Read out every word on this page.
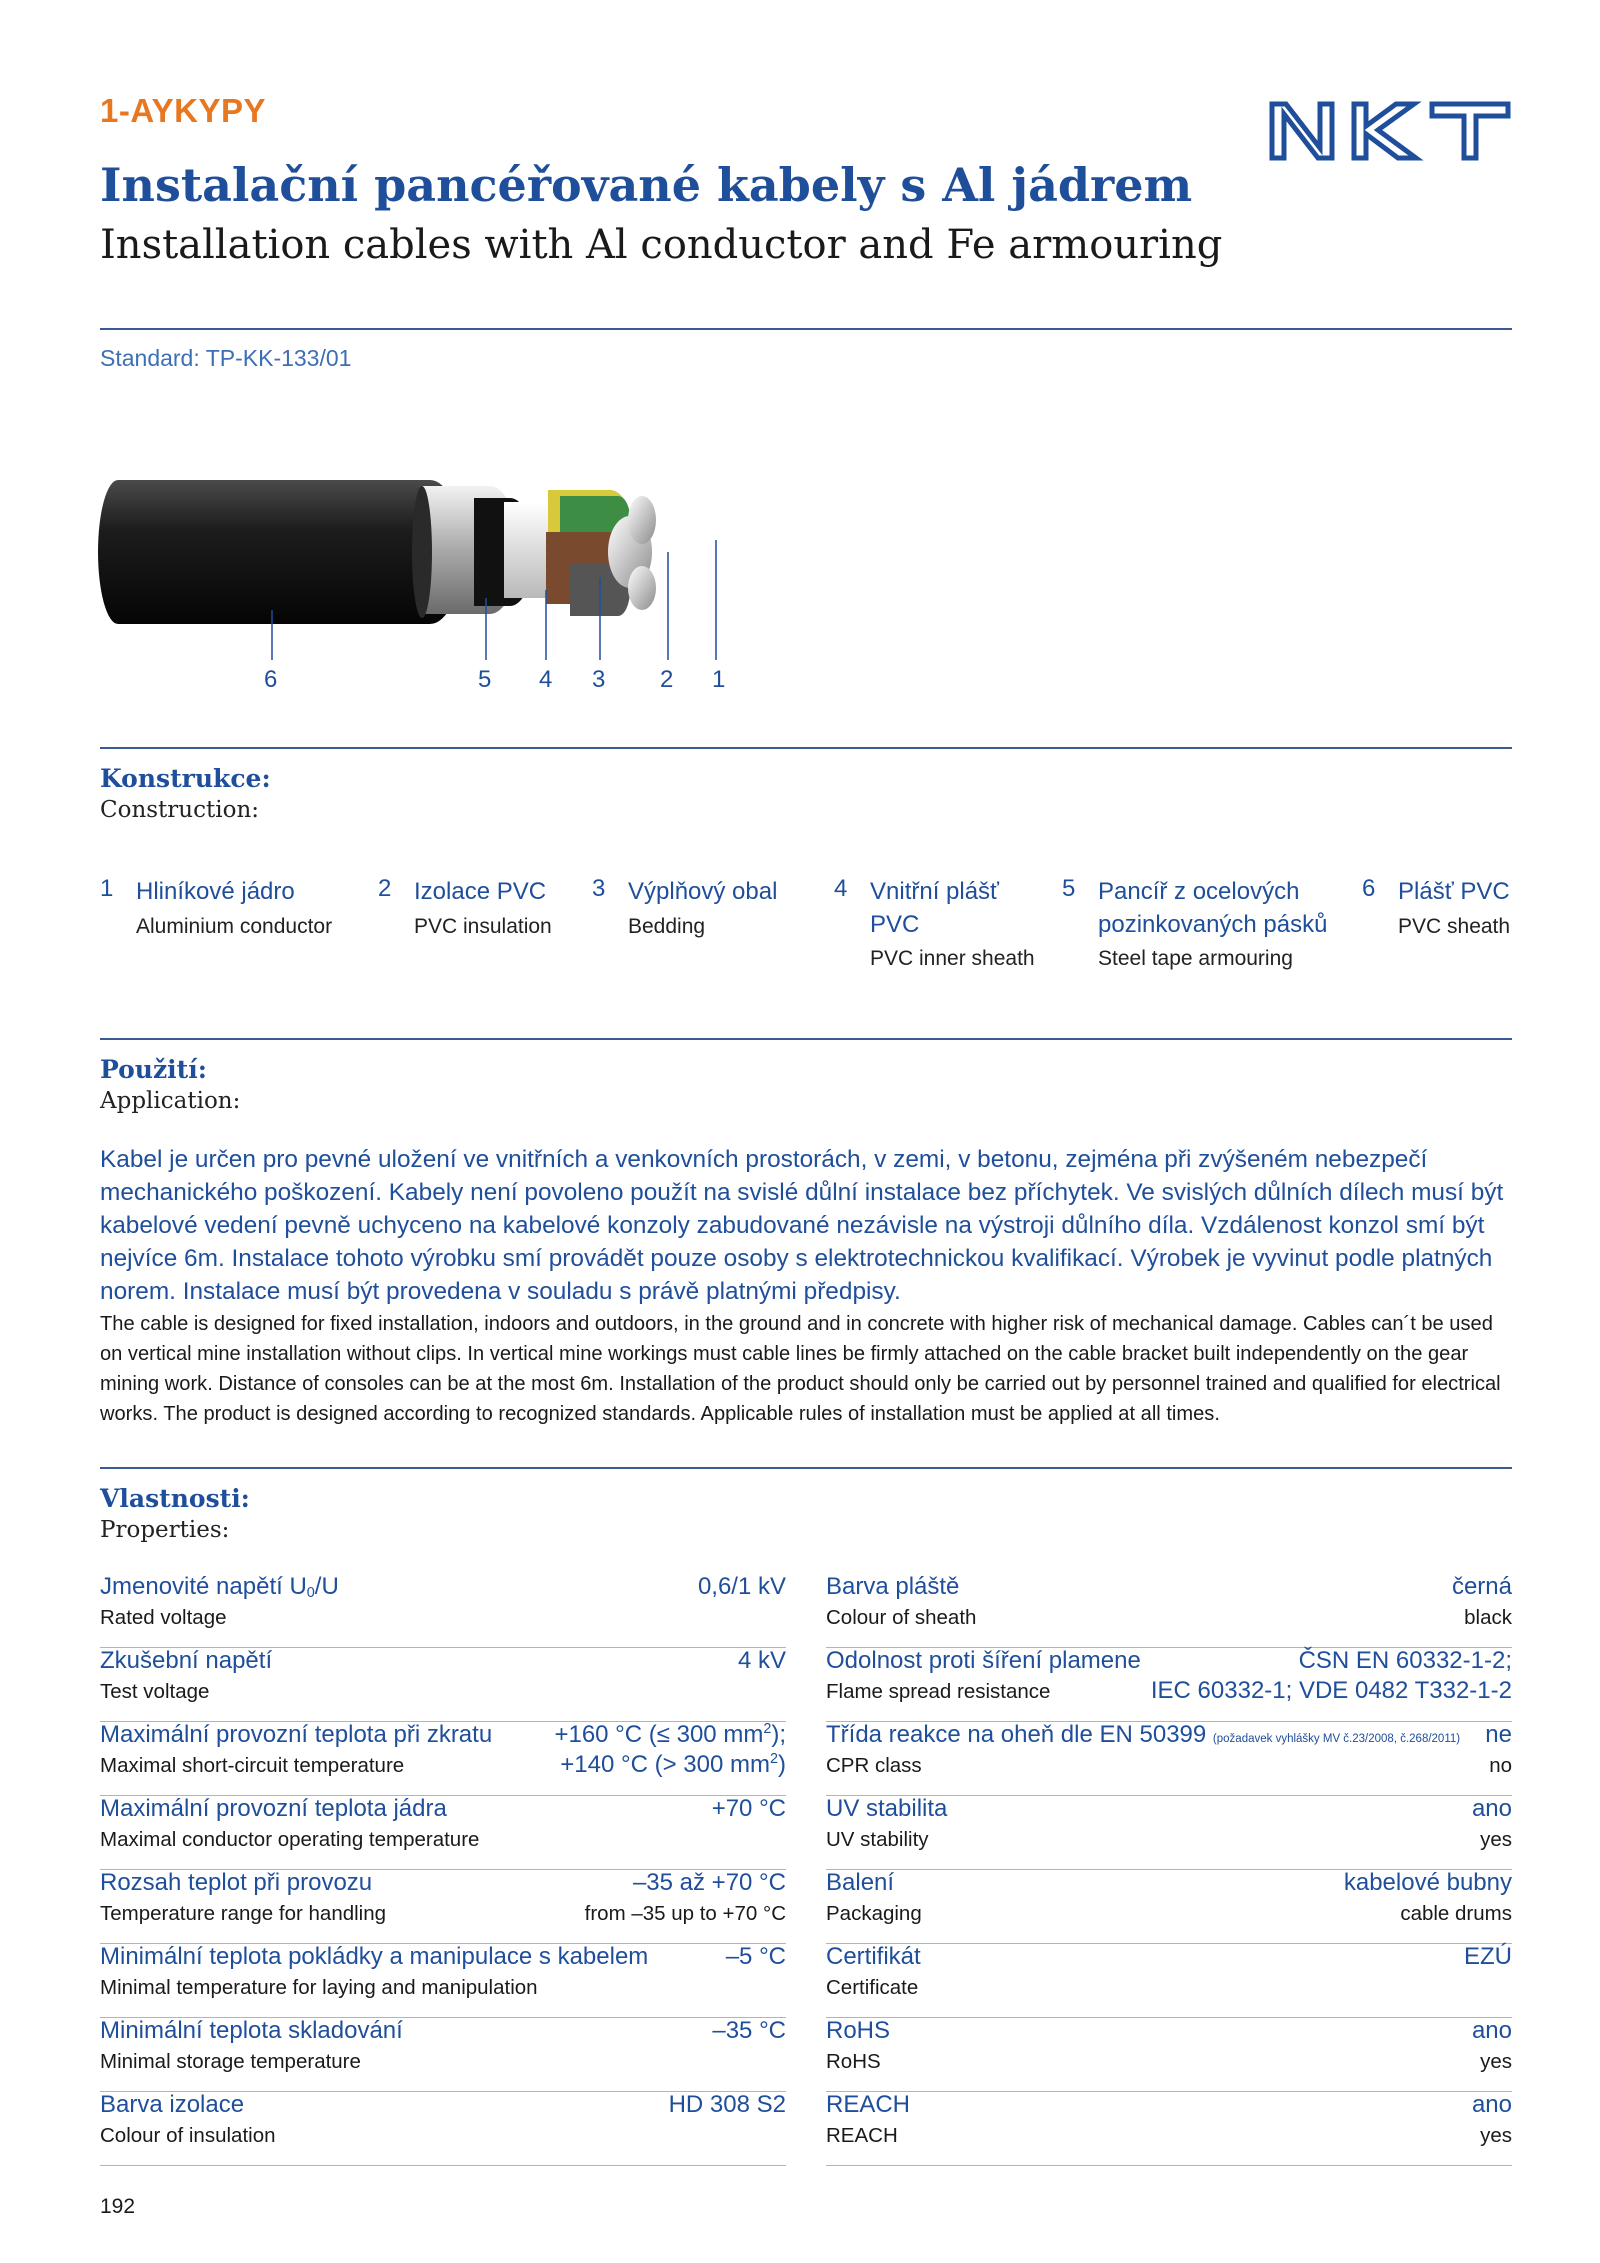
1-AYKYPY
Instalační pancéřované kabely s Al jádrem
Installation cables with Al conductor and Fe armouring
Standard: TP-KK-133/01
6	5 4 3 2 1
Konstrukce:
Construction:
1 Hliníkové jádro
Aluminium conductor
2 Izolace PVC
PVC insulation
3 Výplňový obal
Bedding
4 Vnitřní plášť PVC
PVC inner sheath
5 Pancíř z ocelových pozinkovaných pásků
Steel tape armouring
6 Plášť PVC
PVC sheath
Použití:
Application:
Kabel je určen pro pevné uložení ve vnitřních a venkovních prostorách, v zemi, v betonu, zejména při zvýšeném nebezpečí mechanického poškození. Kabely není povoleno použít na svislé důlní instalace bez příchytek. Ve svislých důlních dílech musí být kabelové vedení pevně uchyceno na kabelové konzoly zabudované nezávisle na výstroji důlního díla. Vzdálenost konzol smí být nejvíce 6m. Instalace tohoto výrobku smí provádět pouze osoby s elektrotechnickou kvalifikací. Výrobek je vyvinut podle platných norem. Instalace musí být provedena v souladu s právě platnými předpisy.
The cable is designed for fixed installation, indoors and outdoors, in the ground and in concrete with higher risk of mechanical damage. Cables can´t be used on vertical mine installation without clips. In vertical mine workings must cable lines be firmly attached on the cable bracket built independently on the gear mining work. Distance of consoles can be at the most 6m. Installation of the product should only be carried out by personnel trained and qualified for electrical works. The product is designed according to recognized standards. Applicable rules of installation must be applied at all times.
Vlastnosti:
Properties:
Jmenovité napětí $U_0/U$
Rated voltage
0,6/1 kV
Zkušební napětí
Test voltage
4 kV
Maximální provozní teplota při zkratu
Maximal short-circuit temperature
+160 °C (≤ 300 $mm^2$);
+140 °C (> 300 $mm^2$)
Maximální provozní teplota jádra
Maximal conductor operating temperature
+70 °C
Rozsah teplot při provozu
Temperature range for handling
–35 až +70 °C
from –35 up to +70 °C
Minimální teplota pokládky a manipulace s kabelem
Minimal temperature for laying and manipulation
–5 °C
Minimální teplota skladování
Minimal storage temperature
–35 °C
Barva izolace
Colour of insulation
HD 308 S2
Barva pláště
Colour of sheath
černá
black
Odolnost proti šíření plamene
Flame spread resistance
ČSN EN 60332-1-2;
IEC 60332-1; VDE 0482 T332-1-2
Třída reakce na oheň dle EN 50399 (požadavek vyhlášky MV č.23/2008, č.268/2011)
CPR class
ne
no
UV stabilita
UV stability
ano
yes
Balení
Packaging
kabelové bubny
cable drums
Certifikát
Certificate
EZÚ
RoHS
RoHS
ano
yes
REACH
REACH
ano
yes
192
